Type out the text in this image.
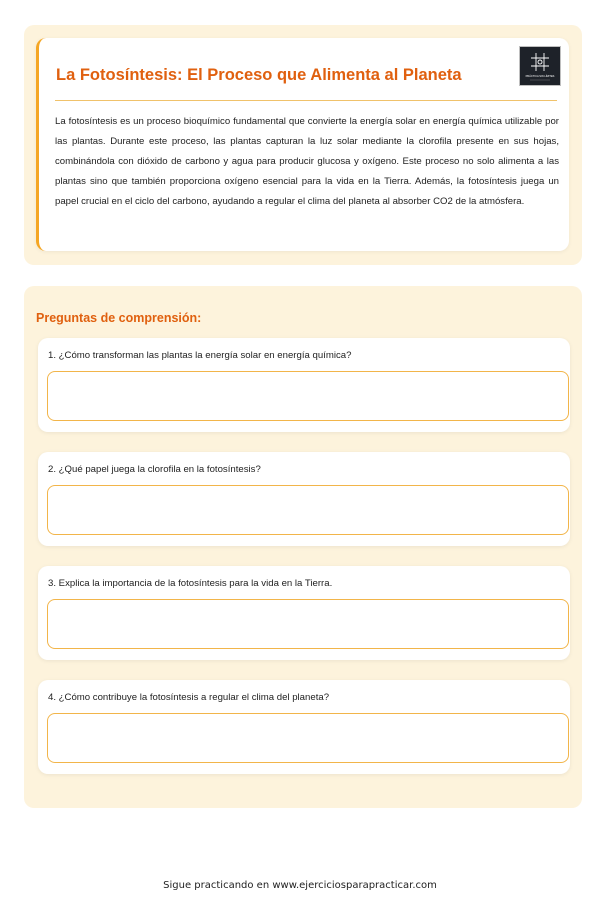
La Fotosíntesis: El Proceso que Alimenta al Planeta	PRÁCTICA SIN LÍMITES

La fotosíntesis es un proceso bioquímico fundamental que convierte la energía solar en energía química utilizable por las plantas. Durante este proceso, las plantas capturan la luz solar mediante la clorofila presente en sus hojas, combinándola con dióxido de carbono y agua para producir glucosa y oxígeno. Este proceso no solo alimenta a las plantas sino que también proporciona oxígeno esencial para la vida en la Tierra. Además, la fotosíntesis juega un papel crucial en el ciclo del carbono, ayudando a regular el clima del planeta al absorber CO2 de la atmósfera.

Preguntas de comprensión:
1. ¿Cómo transforman las plantas la energía solar en energía química?
2. ¿Qué papel juega la clorofila en la fotosíntesis?
3. Explica la importancia de la fotosíntesis para la vida en la Tierra.
4. ¿Cómo contribuye la fotosíntesis a regular el clima del planeta?
Sigue practicando en www.ejerciciosparapracticar.com
